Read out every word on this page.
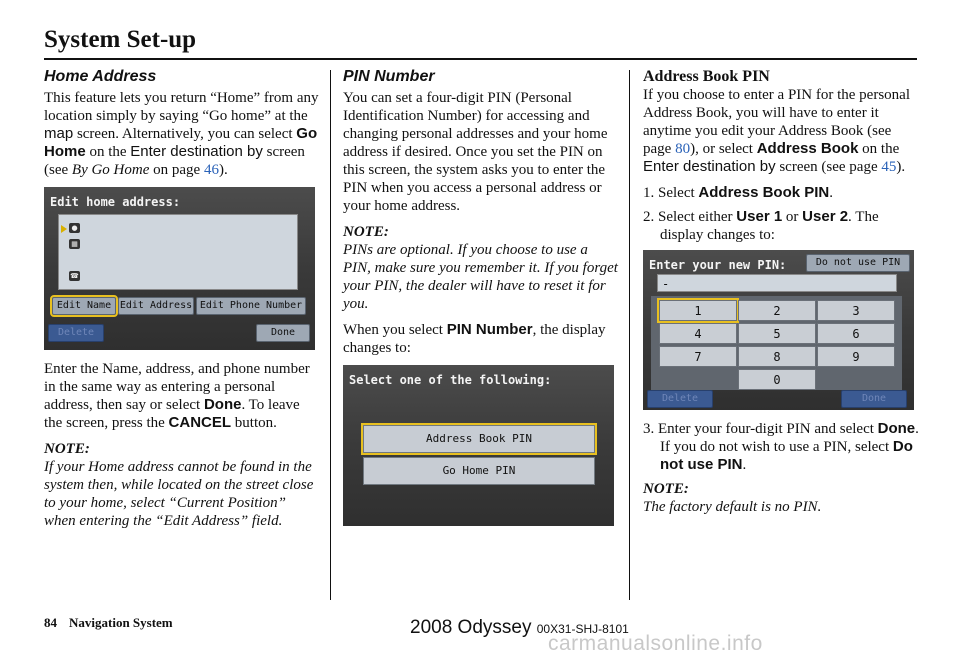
System Set-up
Home Address

This feature lets you return “Home” from any location simply by saying “Go home” at the map screen. Alternatively, you can select Go Home on the Enter destination by screen (see By Go Home on page 46).

Edit home address:
●
▦
☎
Edit Name Edit Address Edit Phone Number
Delete	Done

Enter the Name, address, and phone number in the same way as entering a personal address, then say or select Done. To leave the screen, press the CANCEL button.

NOTE:
If your Home address cannot be found in the system then, while located on the street close to your home, select “Current Position” when entering the “Edit Address” field.
PIN Number

You can set a four-digit PIN (Personal Identification Number) for accessing and changing personal addresses and your home address if desired. Once you set the PIN on this screen, the system asks you to enter the PIN when you access a personal address or your home address.

NOTE:

PINs are optional. If you choose to use a PIN, make sure you remember it. If you forget your PIN, the dealer will have to reset it for you.

When you select PIN Number, the display changes to:

Select one of the following:
Address Book PIN
Go Home PIN
Address Book PIN

If you choose to enter a PIN for the personal Address Book, you will have to enter it anytime you edit your Address Book (see page 80), or select Address Book on the Enter destination by screen (see page 45).

1. Select Address Book PIN.
2. Select either User 1 or User 2. The display changes to:
Enter your new PIN:	Do not use PIN
-
1	2	3
4	5	6
7	8	9
0
Delete	Done
3. Enter your four-digit PIN and select Done. If you do not wish to use a PIN, select Do not use PIN.
NOTE:
The factory default is no PIN.
84 Navigation System	2008 Odyssey 00X31-SHJ-8101
carmanualsonline.info
